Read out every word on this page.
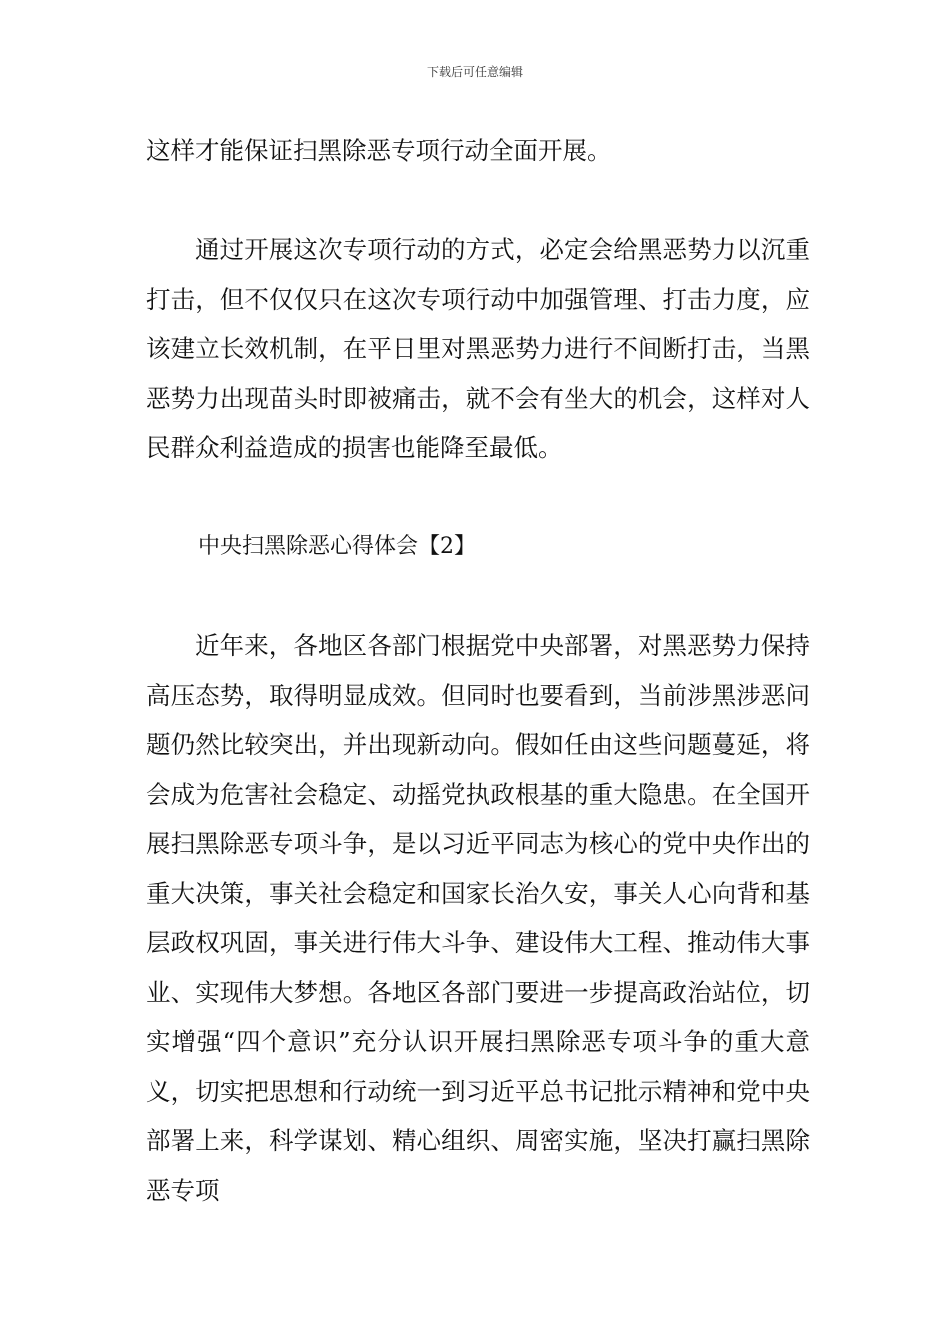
下载后可任意编辑

这样才能保证扫黑除恶专项行动全面开展。

通过开展这次专项行动的方式，必定会给黑恶势力以沉重打击，但不仅仅只在这次专项行动中加强管理、打击力度，应该建立长效机制，在平日里对黑恶势力进行不间断打击，当黑恶势力出现苗头时即被痛击，就不会有坐大的机会，这样对人民群众利益造成的损害也能降至最低。

中央扫黑除恶心得体会【2】

近年来，各地区各部门根据党中央部署，对黑恶势力保持高压态势，取得明显成效。但同时也要看到，当前涉黑涉恶问题仍然比较突出，并出现新动向。假如任由这些问题蔓延，将会成为危害社会稳定、动摇党执政根基的重大隐患。在全国开展扫黑除恶专项斗争，是以习近平同志为核心的党中央作出的重大决策，事关社会稳定和国家长治久安，事关人心向背和基层政权巩固，事关进行伟大斗争、建设伟大工程、推动伟大事业、实现伟大梦想。各地区各部门要进一步提高政治站位，切实增强“四个意识”充分认识开展扫黑除恶专项斗争的重大意义，切实把思想和行动统一到习近平总书记批示精神和党中央部署上来，科学谋划、精心组织、周密实施，坚决打赢扫黑除恶专项
